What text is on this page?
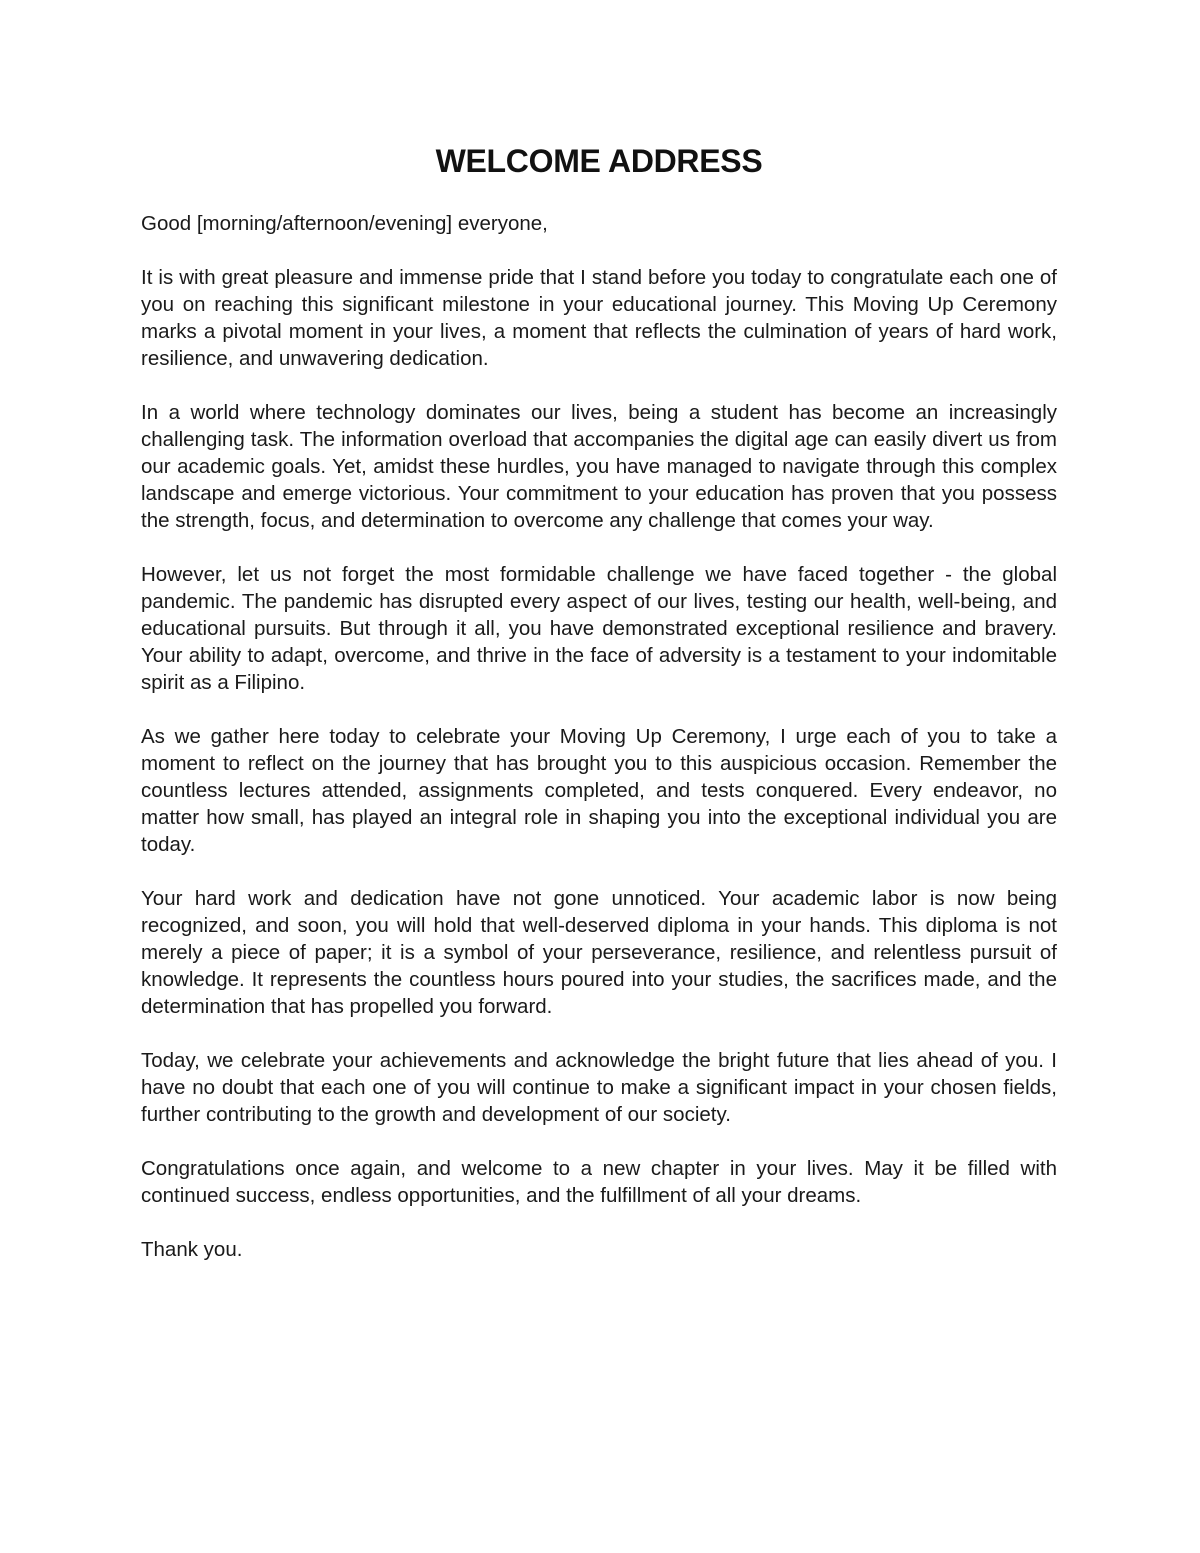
WELCOME ADDRESS

Good [morning/afternoon/evening] everyone,

It is with great pleasure and immense pride that I stand before you today to congratulate each one of you on reaching this significant milestone in your educational journey. This Moving Up Ceremony marks a pivotal moment in your lives, a moment that reflects the culmination of years of hard work, resilience, and unwavering dedication.

In a world where technology dominates our lives, being a student has become an increasingly challenging task. The information overload that accompanies the digital age can easily divert us from our academic goals. Yet, amidst these hurdles, you have managed to navigate through this complex landscape and emerge victorious. Your commitment to your education has proven that you possess the strength, focus, and determination to overcome any challenge that comes your way.

However, let us not forget the most formidable challenge we have faced together - the global pandemic. The pandemic has disrupted every aspect of our lives, testing our health, well-being, and educational pursuits. But through it all, you have demonstrated exceptional resilience and bravery. Your ability to adapt, overcome, and thrive in the face of adversity is a testament to your indomitable spirit as a Filipino.

As we gather here today to celebrate your Moving Up Ceremony, I urge each of you to take a moment to reflect on the journey that has brought you to this auspicious occasion. Remember the countless lectures attended, assignments completed, and tests conquered. Every endeavor, no matter how small, has played an integral role in shaping you into the exceptional individual you are today.

Your hard work and dedication have not gone unnoticed. Your academic labor is now being recognized, and soon, you will hold that well-deserved diploma in your hands. This diploma is not merely a piece of paper; it is a symbol of your perseverance, resilience, and relentless pursuit of knowledge. It represents the countless hours poured into your studies, the sacrifices made, and the determination that has propelled you forward.

Today, we celebrate your achievements and acknowledge the bright future that lies ahead of you. I have no doubt that each one of you will continue to make a significant impact in your chosen fields, further contributing to the growth and development of our society.

Congratulations once again, and welcome to a new chapter in your lives. May it be filled with continued success, endless opportunities, and the fulfillment of all your dreams.

Thank you.
